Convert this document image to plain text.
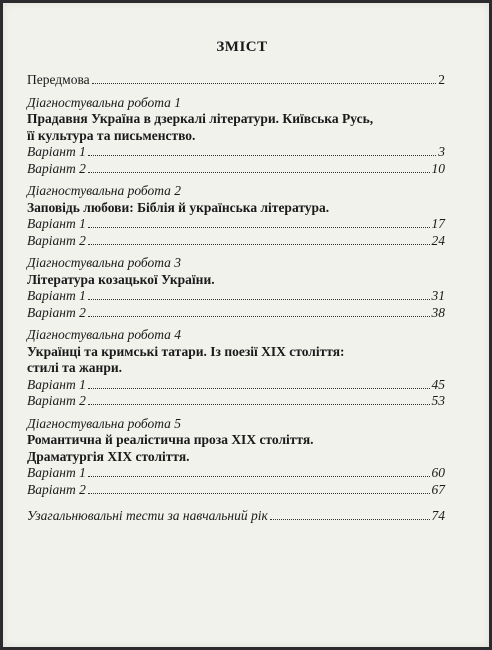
ЗМІСТ
Передмова	2
Діагностувальна робота 1
Прадавня Україна в дзеркалі літератури. Київська Русь,
її культура та письменство.
Варіант 1	3
Варіант 2	10
Діагностувальна робота 2
Заповідь любови: Біблія й українська література.
Варіант 1	17
Варіант 2	24
Діагностувальна робота 3
Література козацької України.
Варіант 1	31
Варіант 2	38
Діагностувальна робота 4
Українці та кримські татари. Із поезії XIX століття:
стилі та жанри.
Варіант 1	45
Варіант 2	53
Діагностувальна робота 5
Романтична й реалістична проза XIX століття.
Драматургія XIX століття.
Варіант 1	60
Варіант 2	67
Узагальнювальні тести за навчальний рік	74
